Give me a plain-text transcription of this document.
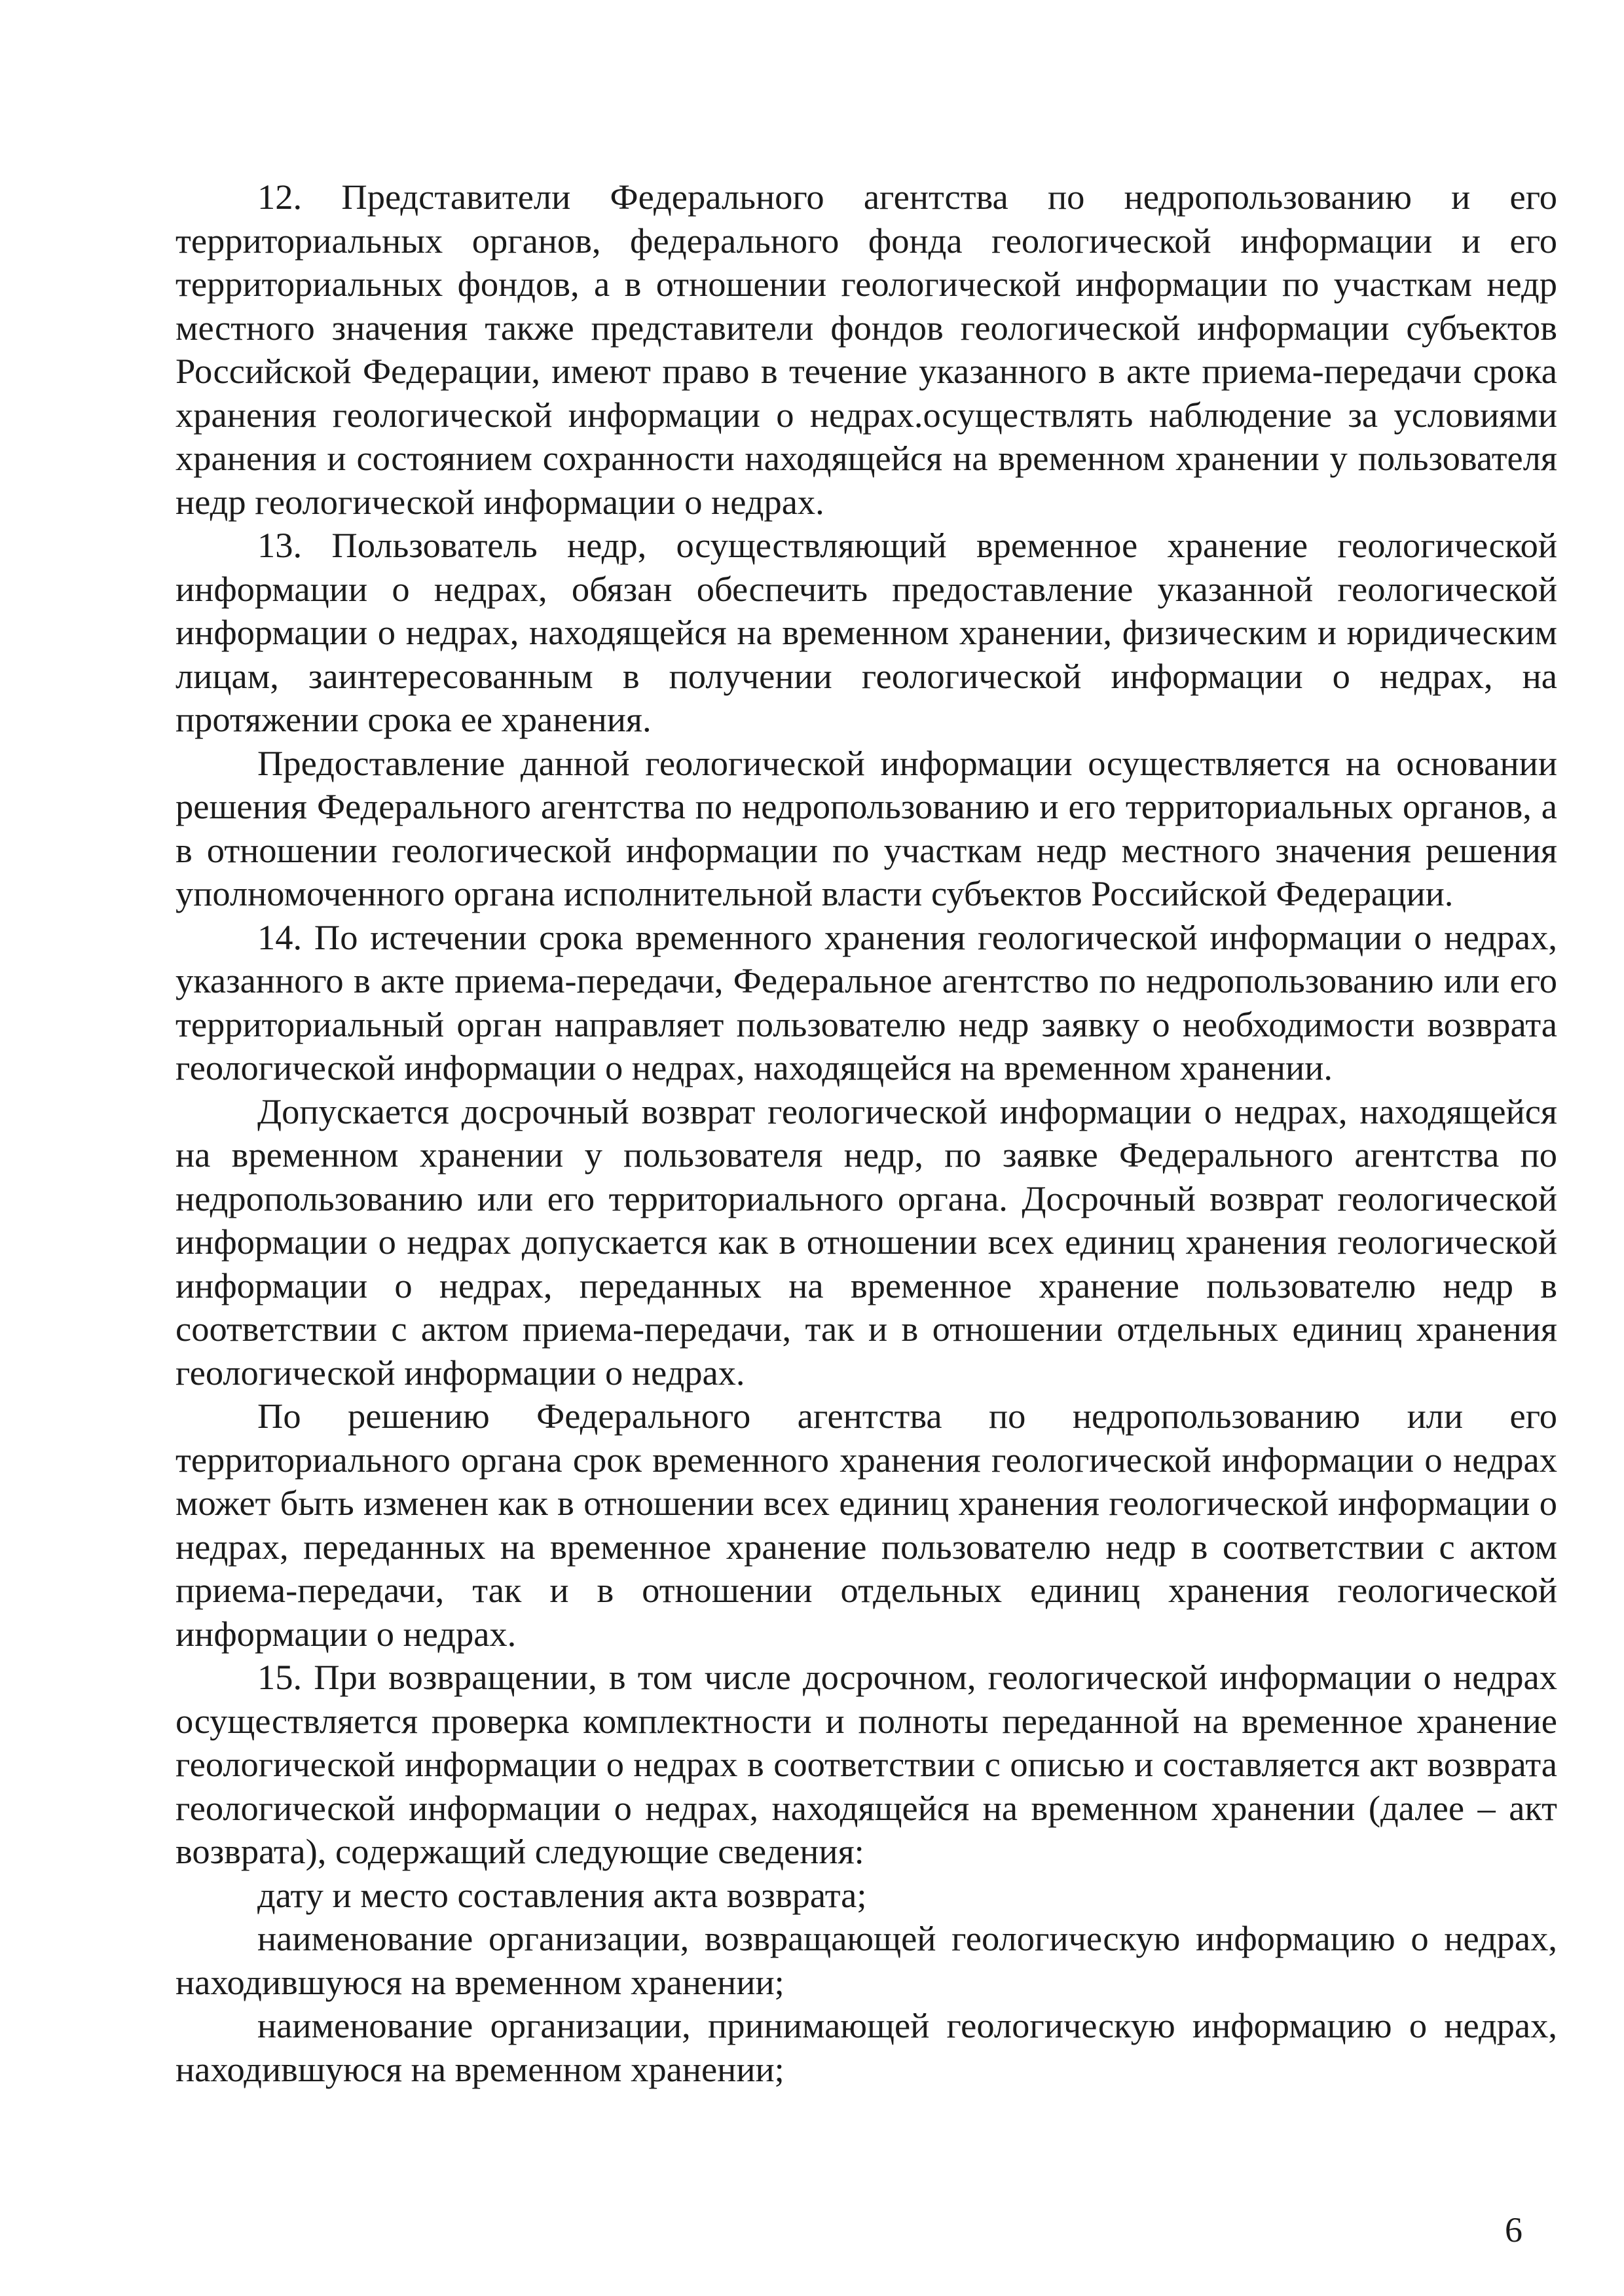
12. Представители Федерального агентства по недропользованию и его территориальных органов, федерального фонда геологической информации и его территориальных фондов, а в отношении геологической информации по участкам недр местного значения также представители фондов геологической информации субъектов Российской Федерации, имеют право в течение указанного в акте приема-передачи срока хранения геологической информации о недрах.осуществлять наблюдение за условиями хранения и состоянием сохранности находящейся на временном хранении у пользователя недр геологической информации о недрах.

13. Пользователь недр, осуществляющий временное хранение геологической информации о недрах, обязан обеспечить предоставление указанной геологической информации о недрах, находящейся на временном хранении, физическим и юридическим лицам, заинтересованным в получении геологической информации о недрах, на протяжении срока ее хранения.

Предоставление данной геологической информации осуществляется на основании решения Федерального агентства по недропользованию и его территориальных органов, а в отношении геологической информации по участкам недр местного значения решения уполномоченного органа исполнительной власти субъектов Российской Федерации.

14. По истечении срока временного хранения геологической информации о недрах, указанного в акте приема-передачи, Федеральное агентство по недропользованию или его территориальный орган направляет пользователю недр заявку о необходимости возврата геологической информации о недрах, находящейся на временном хранении.

Допускается досрочный возврат геологической информации о недрах, находящейся на временном хранении у пользователя недр, по заявке Федерального агентства по недропользованию или его территориального органа. Досрочный возврат геологической информации о недрах допускается как в отношении всех единиц хранения геологической информации о недрах, переданных на временное хранение пользователю недр в соответствии с актом приема-передачи, так и в отношении отдельных единиц хранения геологической информации о недрах.

По решению Федерального агентства по недропользованию или его территориального органа срок временного хранения геологической информации о недрах может быть изменен как в отношении всех единиц хранения геологической информации о недрах, переданных на временное хранение пользователю недр в соответствии с актом приема-передачи, так и в отношении отдельных единиц хранения геологической информации о недрах.

15. При возвращении, в том числе досрочном, геологической информации о недрах осуществляется проверка комплектности и полноты переданной на временное хранение геологической информации о недрах в соответствии с описью и составляется акт возврата геологической информации о недрах, находящейся на временном хранении (далее – акт возврата), содержащий следующие сведения:

дату и место составления акта возврата;

наименование организации, возвращающей геологическую информацию о недрах, находившуюся на временном хранении;

наименование организации, принимающей геологическую информацию о недрах, находившуюся на временном хранении;

6
